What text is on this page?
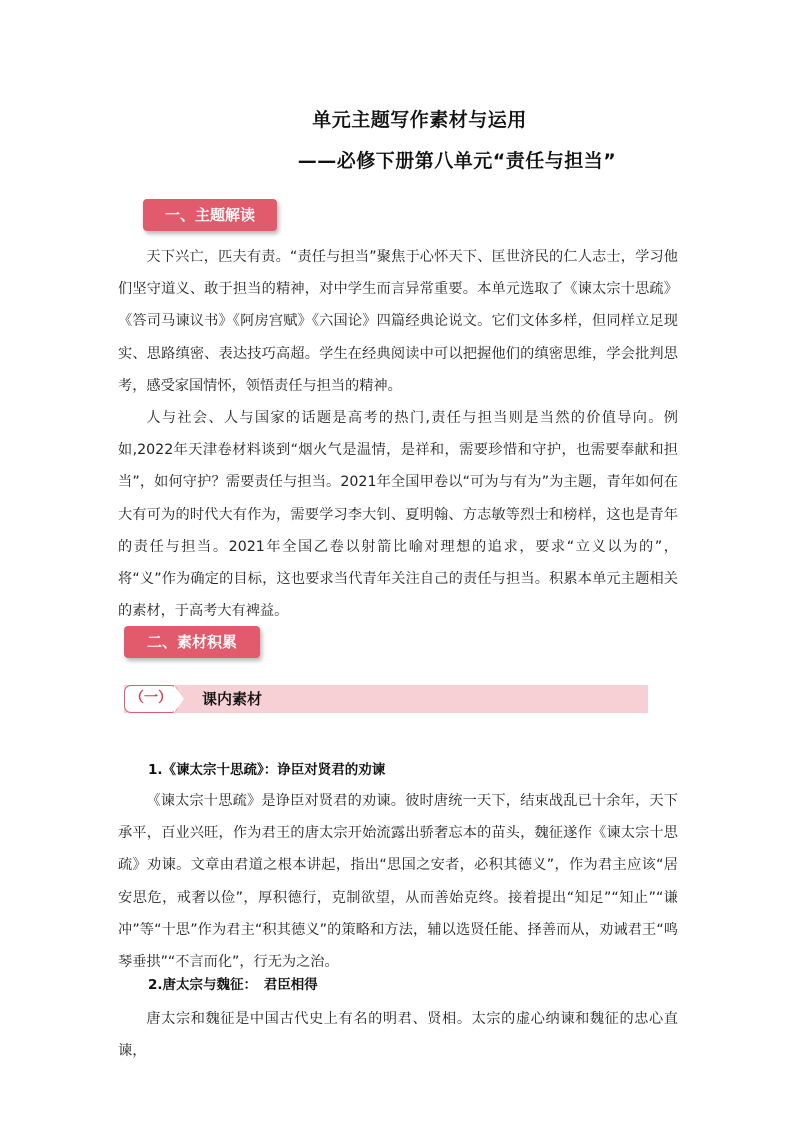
单元主题写作素材与运用
——必修下册第八单元“责任与担当”
一、主题解读

天下兴亡，匹夫有责。“责任与担当”聚焦于心怀天下、匡世济民的仁人志士，学习他们坚守道义、敢于担当的精神，对中学生而言异常重要。本单元选取了《谏太宗十思疏》《答司马谏议书》《阿房宫赋》《六国论》四篇经典论说文。它们文体多样，但同样立足现实、思路缜密、表达技巧高超。学生在经典阅读中可以把握他们的缜密思维，学会批判思考，感受家国情怀，领悟责任与担当的精神。

人与社会、人与国家的话题是高考的热门,责任与担当则是当然的价值导向。例如,2022年天津卷材料谈到“烟火气是温情，是祥和，需要珍惜和守护，也需要奉献和担当”，如何守护？需要责任与担当。2021年全国甲卷以“可为与有为”为主题，青年如何在大有可为的时代大有作为，需要学习李大钊、夏明翰、方志敏等烈士和榜样，这也是青年的责任与担当。2021年全国乙卷以射箭比喻对理想的追求，要求“立义以为的”，将“义”作为确定的目标，这也要求当代青年关注自己的责任与担当。积累本单元主题相关的素材，于高考大有裨益。

二、素材积累
（一）	课内素材
1.《谏太宗十思疏》：诤臣对贤君的劝谏

《谏太宗十思疏》是诤臣对贤君的劝谏。彼时唐统一天下，结束战乱已十余年，天下承平，百业兴旺，作为君王的唐太宗开始流露出骄奢忘本的苗头，魏征遂作《谏太宗十思疏》劝谏。文章由君道之根本讲起，指出“思国之安者，必积其德义”，作为君主应该“居安思危，戒奢以俭”，厚积德行，克制欲望，从而善始克终。接着提出“知足”“知止”“谦冲”等“十思”作为君主“积其德义”的策略和方法，辅以选贤任能、择善而从，劝诫君王“鸣琴垂拱”“不言而化”，行无为之治。

2.唐太宗与魏征：　君臣相得

唐太宗和魏征是中国古代史上有名的明君、贤相。太宗的虚心纳谏和魏征的忠心直谏，
